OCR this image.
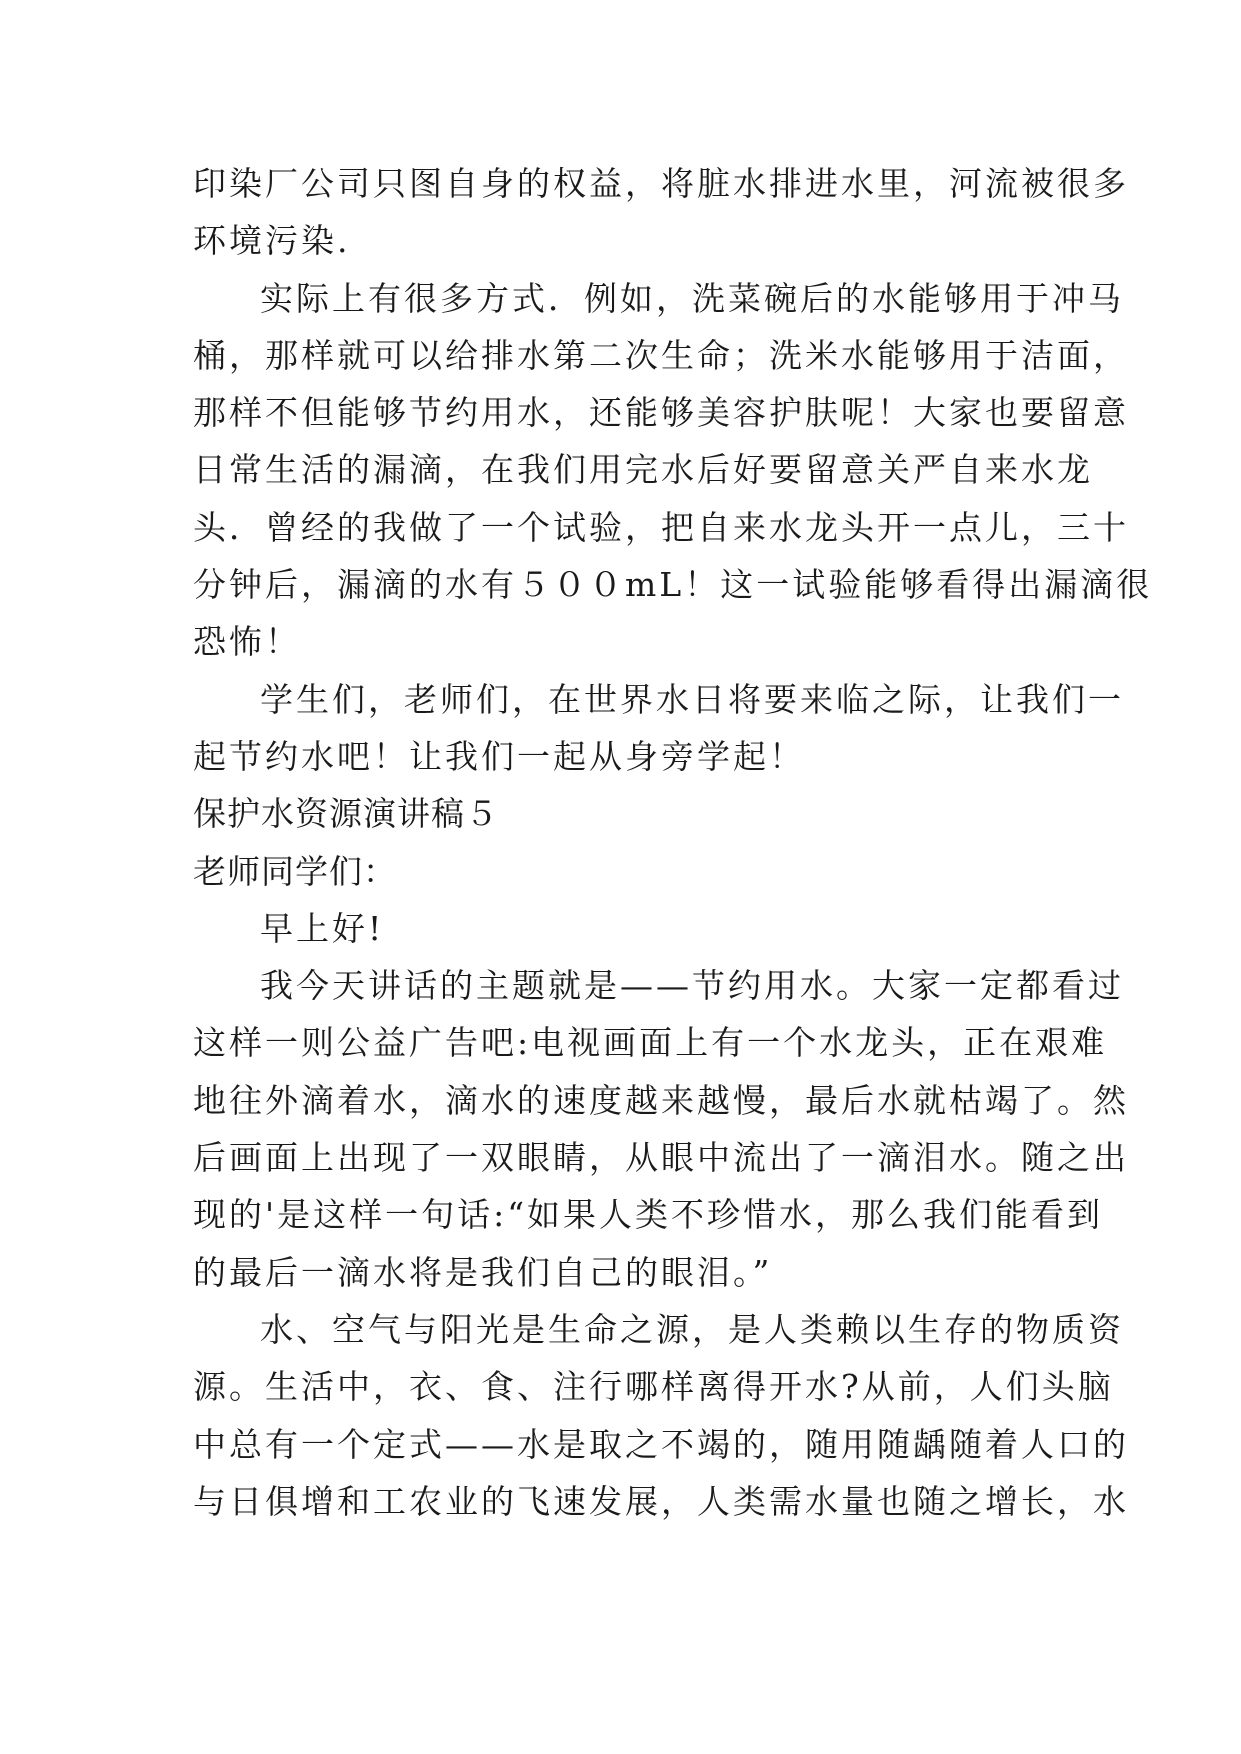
印染厂公司只图自身的权益，将脏水排进水里，河流被很多
环境污染.
实际上有很多方式．例如，洗菜碗后的水能够用于冲马
桶，那样就可以给排水第二次生命；洗米水能够用于洁面，
那样不但能够节约用水，还能够美容护肤呢！大家也要留意
日常生活的漏滴，在我们用完水后好要留意关严自来水龙
头．曾经的我做了一个试验，把自来水龙头开一点儿，三十
分钟后，漏滴的水有５００mL！这一试验能够看得出漏滴很
恐怖！
学生们，老师们，在世界水日将要来临之际，让我们一
起节约水吧！让我们一起从身旁学起！
保护水资源演讲稿５
老师同学们：
早上好!
我今天讲话的主题就是——节约用水。大家一定都看过
这样一则公益广告吧:电视画面上有一个水龙头，正在艰难
地往外滴着水，滴水的速度越来越慢，最后水就枯竭了。然
后画面上出现了一双眼睛，从眼中流出了一滴泪水。随之出
现的'是这样一句话:“如果人类不珍惜水，那么我们能看到
的最后一滴水将是我们自己的眼泪。”
水、空气与阳光是生命之源，是人类赖以生存的物质资
源。生活中，衣、食、注行哪样离得开水?从前，人们头脑
中总有一个定式——水是取之不竭的，随用随龋随着人口的
与日俱增和工农业的飞速发展，人类需水量也随之增长，水
